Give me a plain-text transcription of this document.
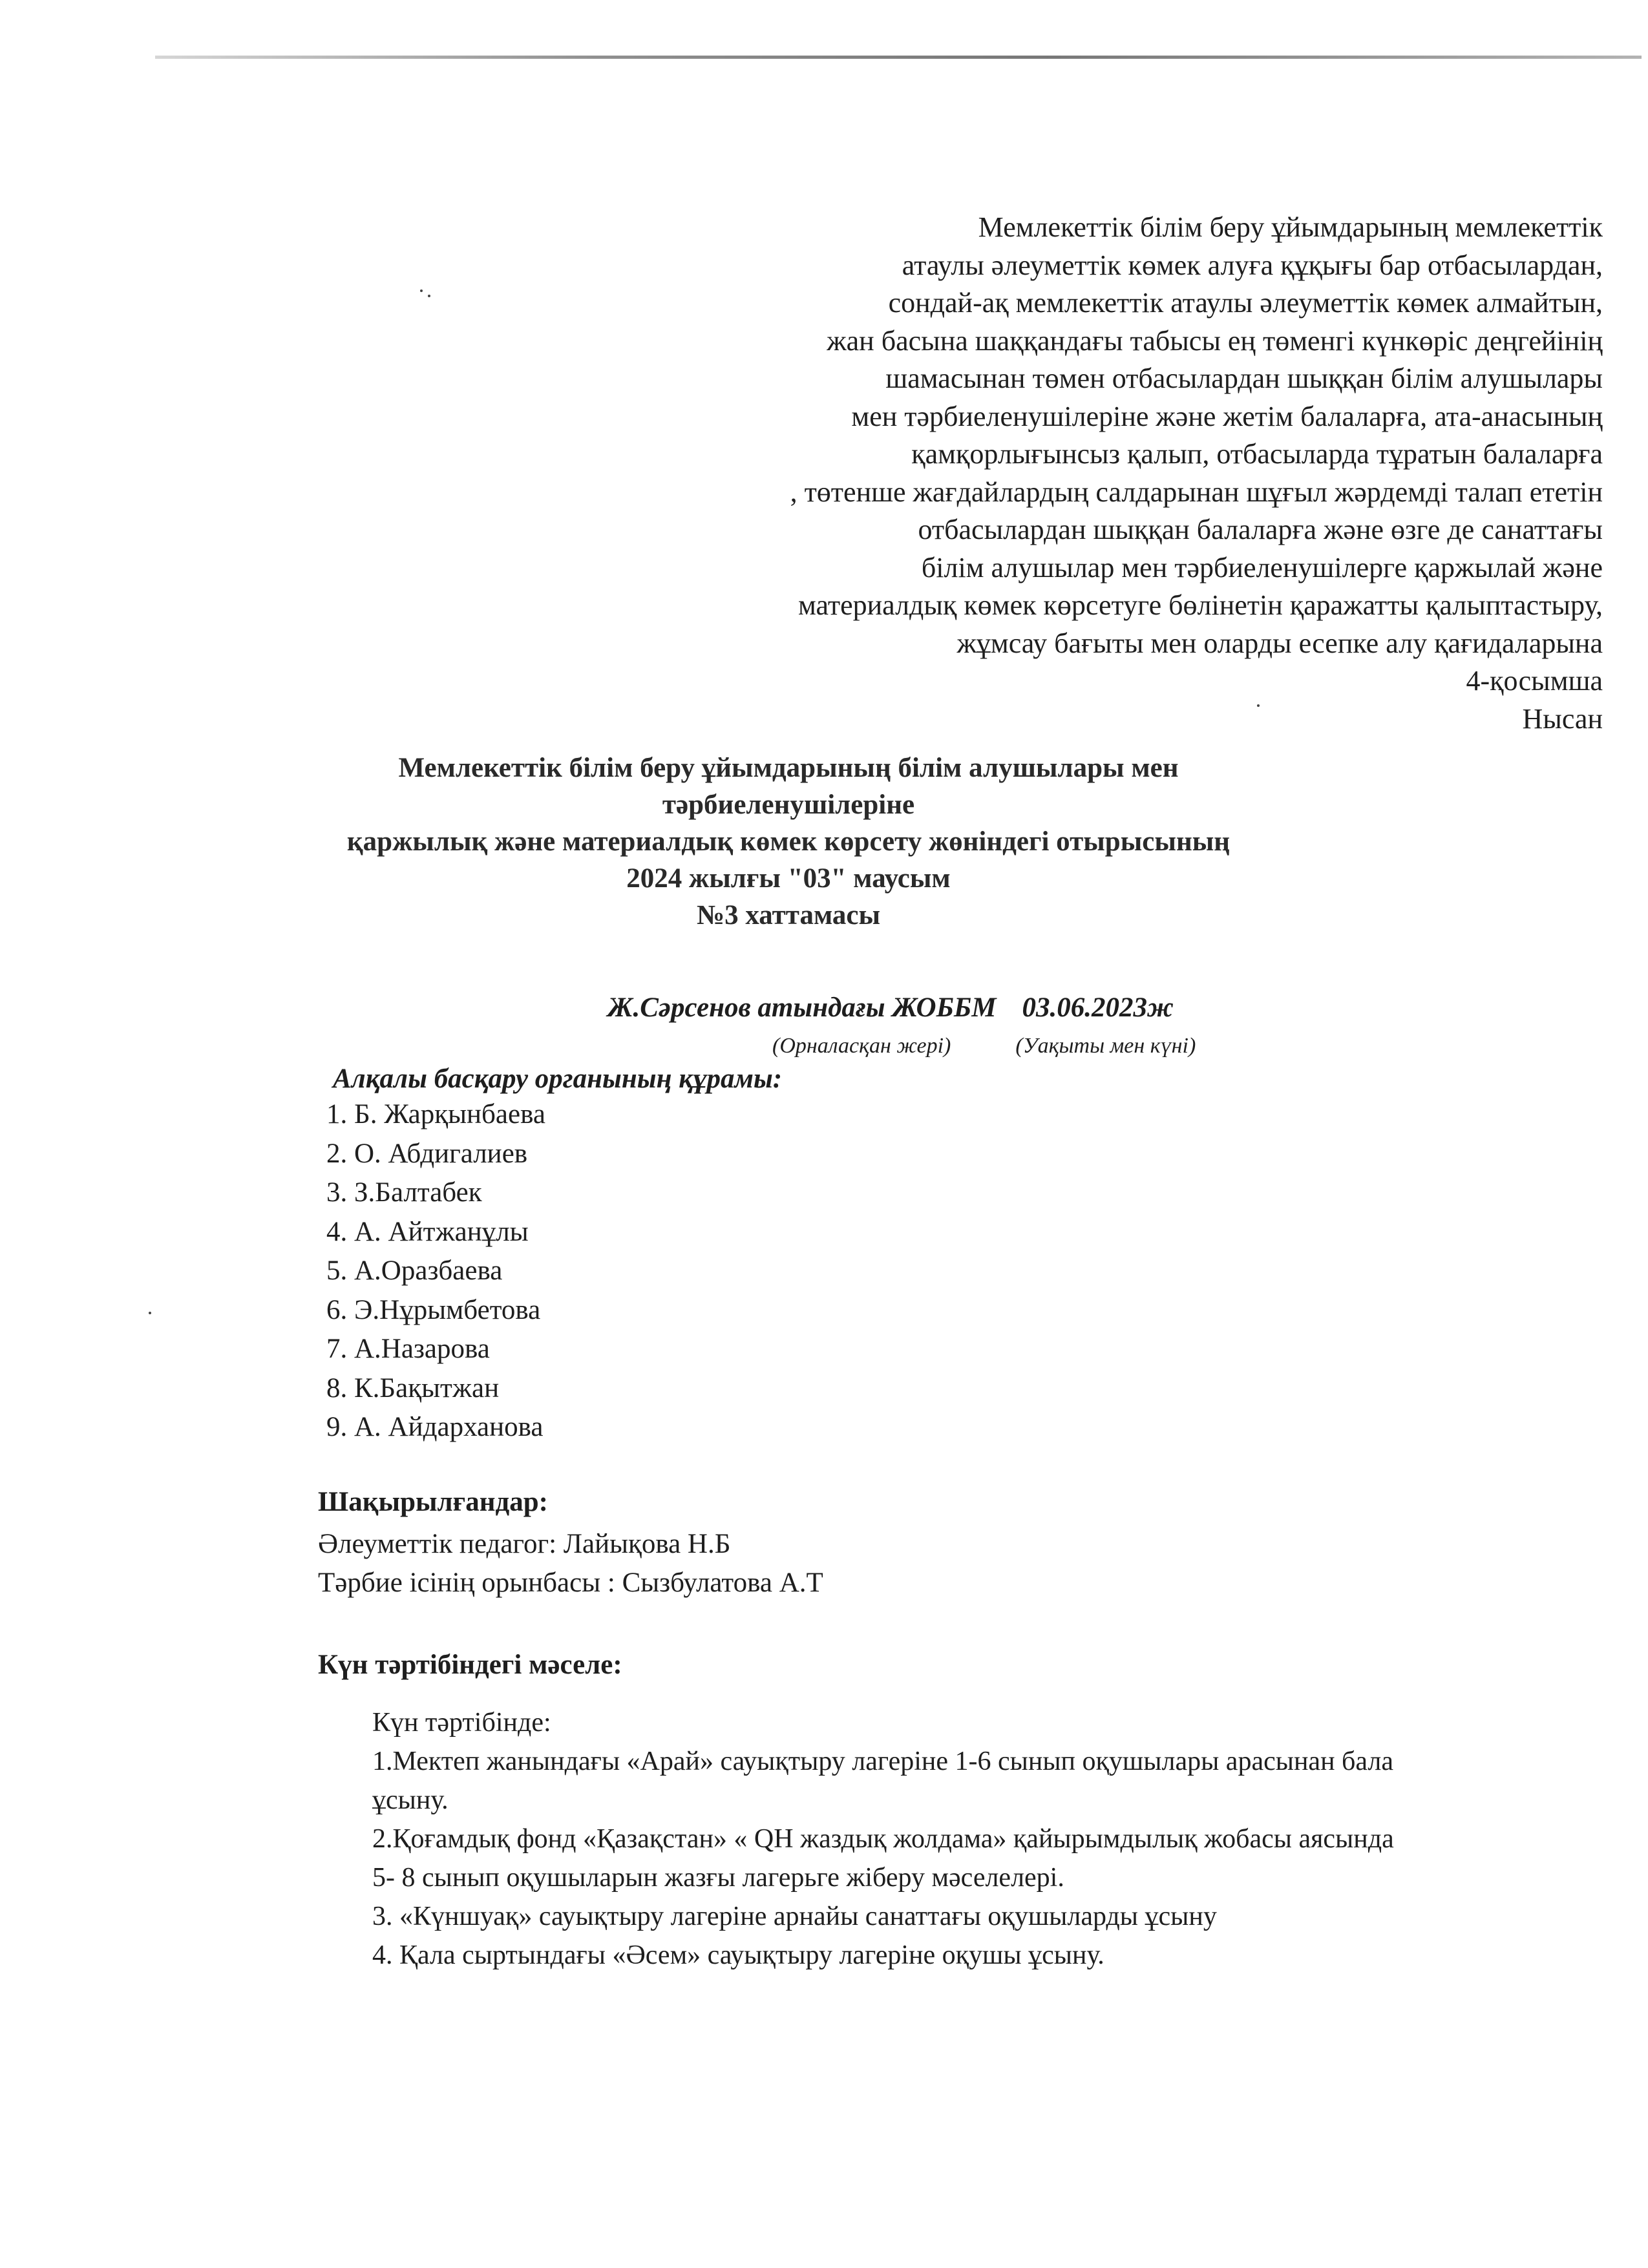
Мемлекеттік білім беру ұйымдарының мемлекеттік
атаулы әлеуметтік көмек алуға құқығы бар отбасылардан,
сондай-ақ мемлекеттік атаулы әлеуметтік көмек алмайтын,
жан басына шаққандағы табысы ең төменгі күнкөріс деңгейінің
шамасынан төмен отбасылардан шыққан білім алушылары
мен тәрбиеленушілеріне және жетім балаларға, ата-анасының
қамқорлығынсыз қалып, отбасыларда тұратын балаларға
, төтенше жағдайлардың салдарынан шұғыл жәрдемді талап ететін
отбасылардан шыққан балаларға және өзге де санаттағы
білім алушылар мен тәрбиеленушілерге қаржылай және
материалдық көмек көрсетуге бөлінетін қаражатты қалыптастыру,
жұмсау бағыты мен оларды есепке алу қағидаларына
4-қосымша
Нысан
Мемлекеттік білім беру ұйымдарының білім алушылары мен тәрбиеленушілеріне
қаржылық және материалдық көмек көрсету жөніндегі отырысының
2024 жылғы "03" маусым
№3 хаттамасы
Ж.Сәрсенов атындағы ЖОББМ 03.06.2023ж
(Орналасқан жері)	(Уақыты мен күні)
Алқалы басқару органының құрамы:
1. Б. Жарқынбаева
2. О. Абдигалиев
3. З.Балтабек
4. А. Айтжанұлы
5. А.Оразбаева
6. Э.Нұрымбетова
7. А.Назарова
8. К.Бақытжан
9. А. Айдарханова
Шақырылғандар:
Әлеуметтік педагог: Лайықова Н.Б
Тәрбие ісінің орынбасы : Сызбулатова А.Т
Күн тәртібіндегі мәселе:
Күн тәртібінде:
1.Мектеп жанындағы «Арай» сауықтыру лагеріне 1-6 сынып оқушылары арасынан бала
ұсыну.
2.Қоғамдық фонд «Қазақстан» « QH жаздық жолдама» қайырымдылық жобасы аясында
5- 8 сынып оқушыларын жазғы лагерьге жіберу мәселелері.
3. «Күншуақ» сауықтыру лагеріне арнайы санаттағы оқушыларды ұсыну
4. Қала сыртындағы «Әсем» сауықтыру лагеріне оқушы ұсыну.
